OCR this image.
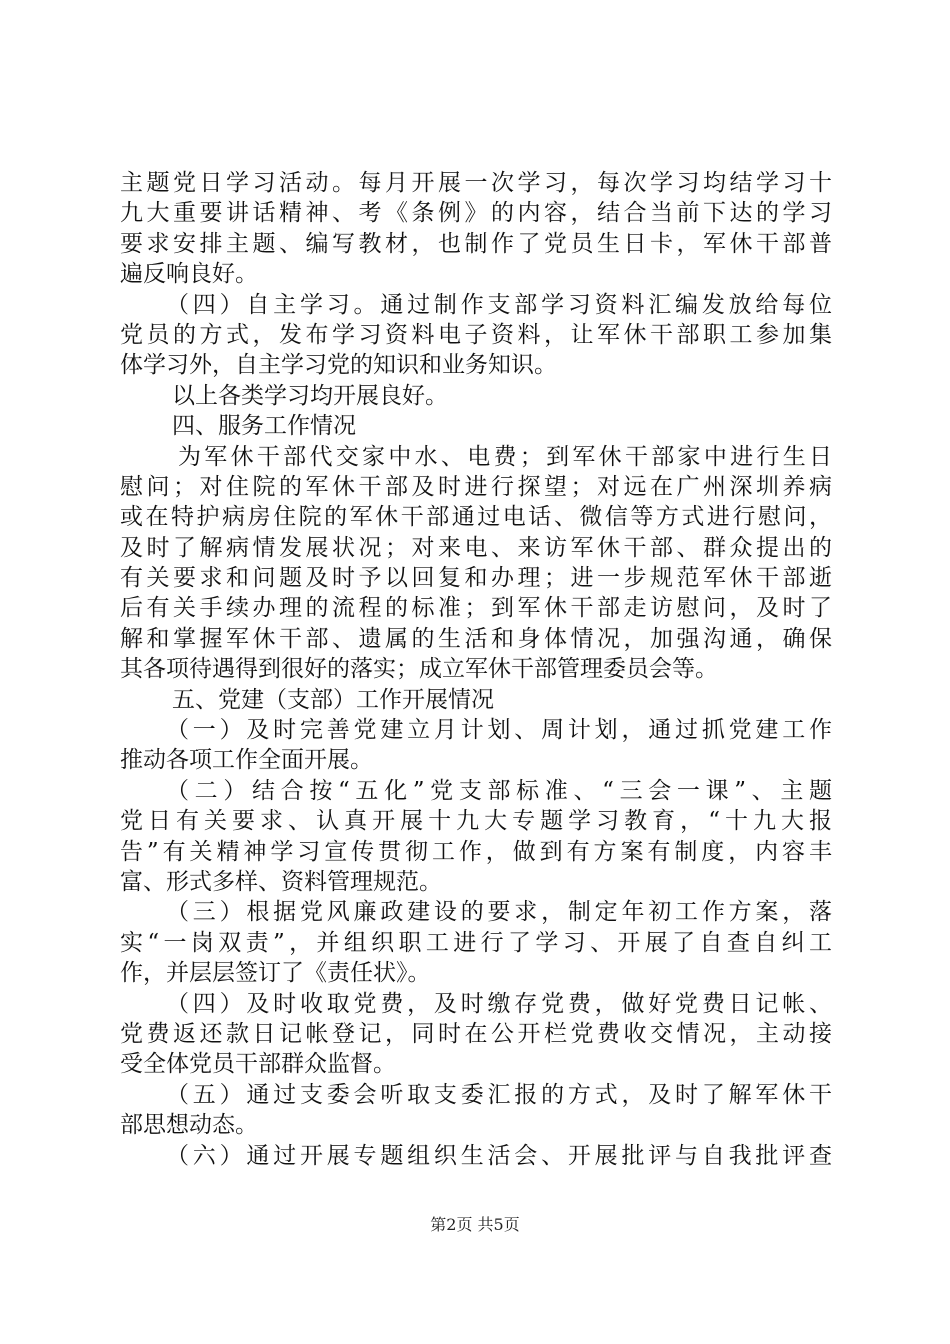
主题党日学习活动。每月开展一次学习，每次学习均结学习十
九大重要讲话精神、考《条例》的内容，结合当前下达的学习
要求安排主题、编写教材，也制作了党员生日卡，军休干部普
遍反响良好。
（四）自主学习。通过制作支部学习资料汇编发放给每位
党员的方式，发布学习资料电子资料，让军休干部职工参加集
体学习外，自主学习党的知识和业务知识。
以上各类学习均开展良好。
四、服务工作情况
为军休干部代交家中水、电费；到军休干部家中进行生日
慰问；对住院的军休干部及时进行探望；对远在广州深圳养病
或在特护病房住院的军休干部通过电话、微信等方式进行慰问，
及时了解病情发展状况；对来电、来访军休干部、群众提出的
有关要求和问题及时予以回复和办理；进一步规范军休干部逝
后有关手续办理的流程的标准；到军休干部走访慰问，及时了
解和掌握军休干部、遗属的生活和身体情况，加强沟通，确保
其各项待遇得到很好的落实；成立军休干部管理委员会等。
五、党建（支部）工作开展情况
（一）及时完善党建立月计划、周计划，通过抓党建工作
推动各项工作全面开展。
（二）结合按“五化”党支部标准、“三会一课”、主题
党日有关要求、认真开展十九大专题学习教育，“十九大报
告”有关精神学习宣传贯彻工作，做到有方案有制度，内容丰
富、形式多样、资料管理规范。
（三）根据党风廉政建设的要求，制定年初工作方案，落
实“一岗双责”，并组织职工进行了学习、开展了自查自纠工
作，并层层签订了《责任状》。
（四）及时收取党费，及时缴存党费，做好党费日记帐、
党费返还款日记帐登记，同时在公开栏党费收交情况，主动接
受全体党员干部群众监督。
（五）通过支委会听取支委汇报的方式，及时了解军休干
部思想动态。
（六）通过开展专题组织生活会、开展批评与自我批评查
第2页 共5页
